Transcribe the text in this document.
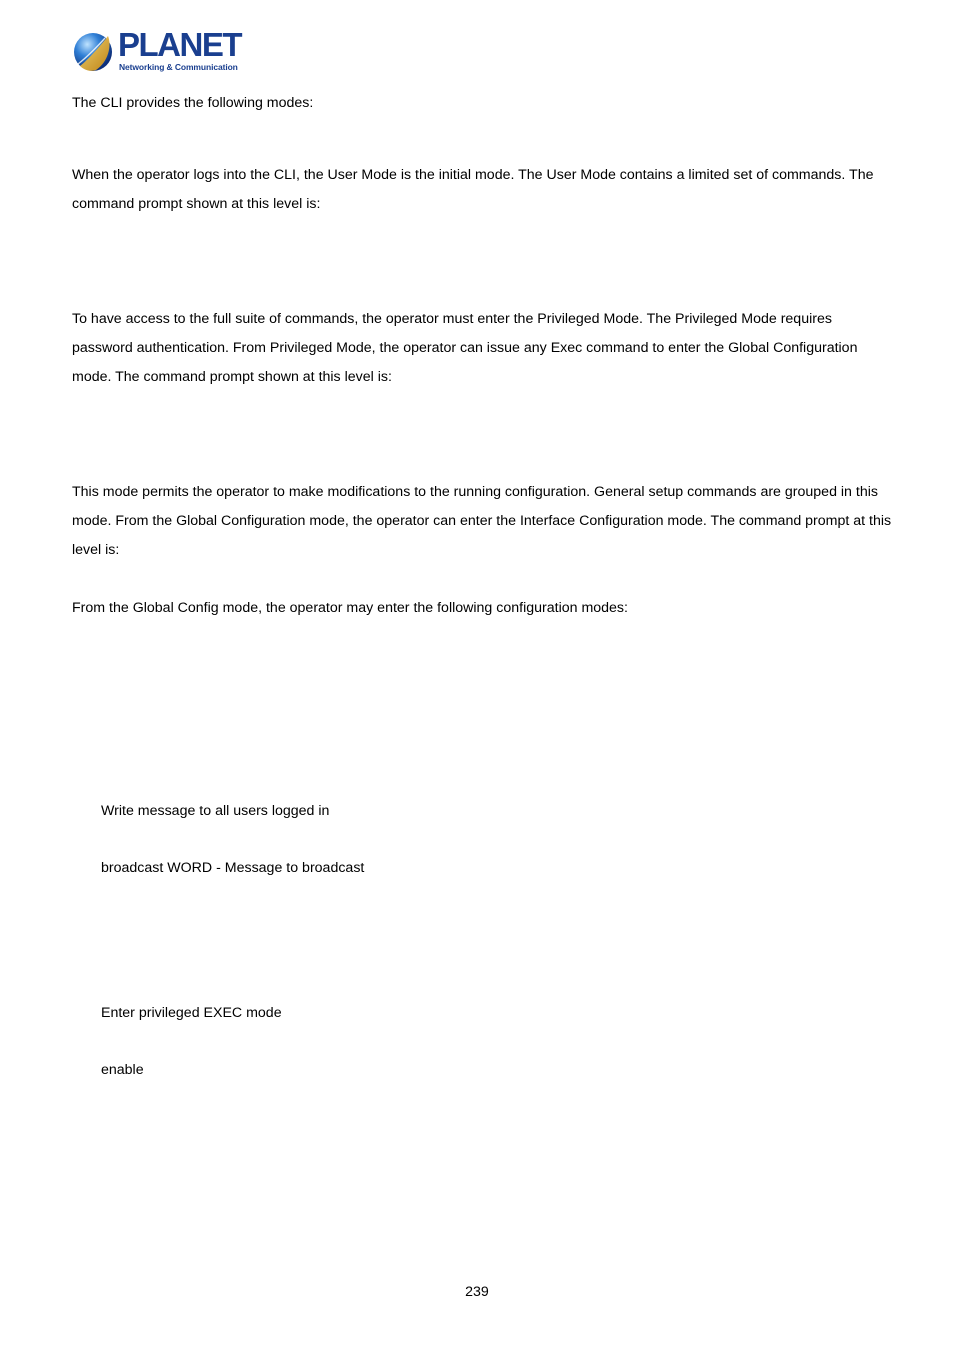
PLANET
Networking & Communication

The CLI provides the following modes:

When the operator logs into the CLI, the User Mode is the initial mode. The User Mode contains a limited set of commands. The command prompt shown at this level is:

To have access to the full suite of commands, the operator must enter the Privileged Mode. The Privileged Mode requires password authentication. From Privileged Mode, the operator can issue any Exec command to enter the Global Configuration mode. The command prompt shown at this level is:

This mode permits the operator to make modifications to the running configuration. General setup commands are grouped in this mode. From the Global Configuration mode, the operator can enter the Interface Configuration mode. The command prompt at this level is:

From the Global Config mode, the operator may enter the following configuration modes:

Write message to all users logged in
broadcast WORD - Message to broadcast
Enter privileged EXEC mode
enable
239
